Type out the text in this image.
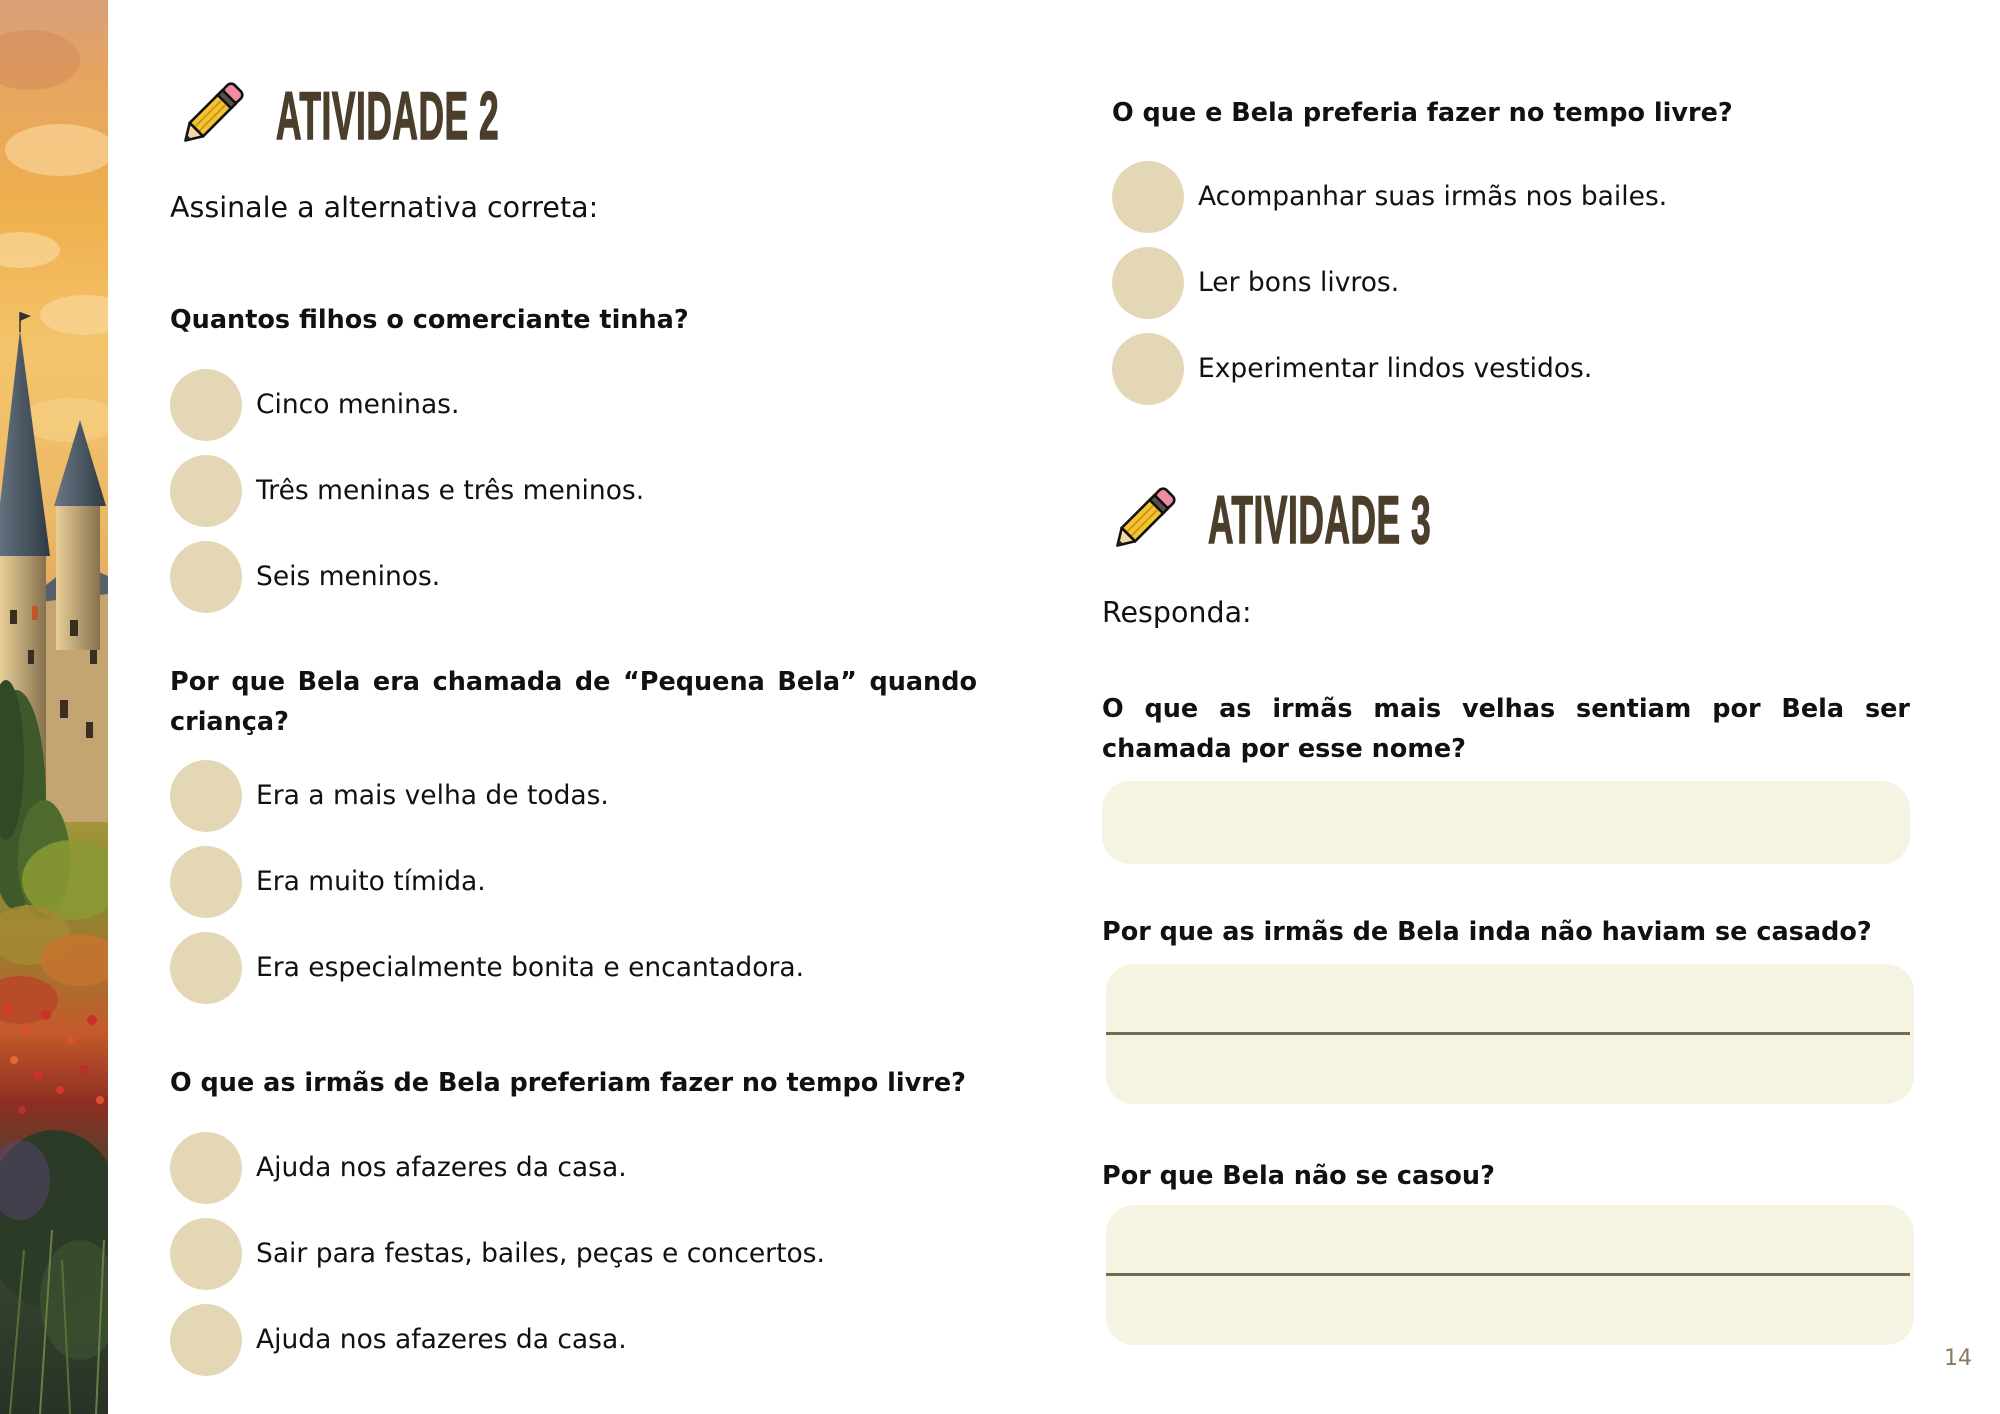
ATIVIDADE 2
Assinale a alternativa correta:
Quantos filhos o comerciante tinha?
Cinco meninas.
Três meninas e três meninos.
Seis meninos.
Por que Bela era chamada de “Pequena Bela” quando criança?
Era a mais velha de todas.
Era muito tímida.
Era especialmente bonita e encantadora.
O que as irmãs de Bela preferiam fazer no tempo livre?
Ajuda nos afazeres da casa.
Sair para festas, bailes, peças e concertos.
Ajuda nos afazeres da casa.
O que e Bela preferia fazer no tempo livre?
Acompanhar suas irmãs nos bailes.
Ler bons livros.
Experimentar lindos vestidos.
ATIVIDADE 3
Responda:
O que as irmãs mais velhas sentiam por Bela ser chamada por esse nome?
Por que as irmãs de Bela inda não haviam se casado?
Por que Bela não se casou?
14
